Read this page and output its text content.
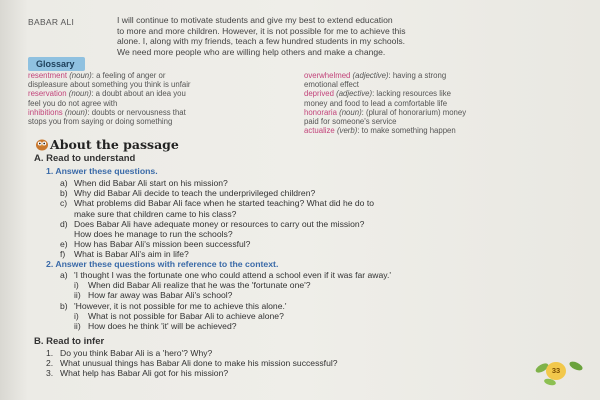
BABAR ALI	I will continue to motivate students and give my best to extend education
to more and more children. However, it is not possible for me to achieve this
alone. I, along with my friends, teach a few hundred students in my schools.
We need more people who are willing help others and make a change.
Glossary
resentment (noun): a feeling of anger or
displeasure about something you think is unfair
reservation (noun): a doubt about an idea you
feel you do not agree with
inhibitions (noun): doubts or nervousness that
stops you from saying or doing something
overwhelmed (adjective): having a strong
emotional effect
deprived (adjective): lacking resources like
money and food to lead a comfortable life
honoraria (noun): (plural of honorarium) money
paid for someone's service
actualize (verb): to make something happen
About the passage
A. Read to understand
1. Answer these questions.
a) When did Babar Ali start on his mission?
b) Why did Babar Ali decide to teach the underprivileged children?
c) What problems did Babar Ali face when he started teaching? What did he do to
make sure that children came to his class?
d) Does Babar Ali have adequate money or resources to carry out the mission?
How does he manage to run the schools?
e) How has Babar Ali's mission been successful?
f) What is Babar Ali's aim in life?
2. Answer these questions with reference to the context.
a) 'I thought I was the fortunate one who could attend a school even if it was far away.'
i) When did Babar Ali realize that he was the 'fortunate one'?
ii) How far away was Babar Ali's school?
b) 'However, it is not possible for me to achieve this alone.'
i) What is not possible for Babar Ali to achieve alone?
ii) How does he think 'it' will be achieved?
B. Read to infer
1. Do you think Babar Ali is a 'hero'? Why?
2. What unusual things has Babar Ali done to make his mission successful?
3. What help has Babar Ali got for his mission?	33
